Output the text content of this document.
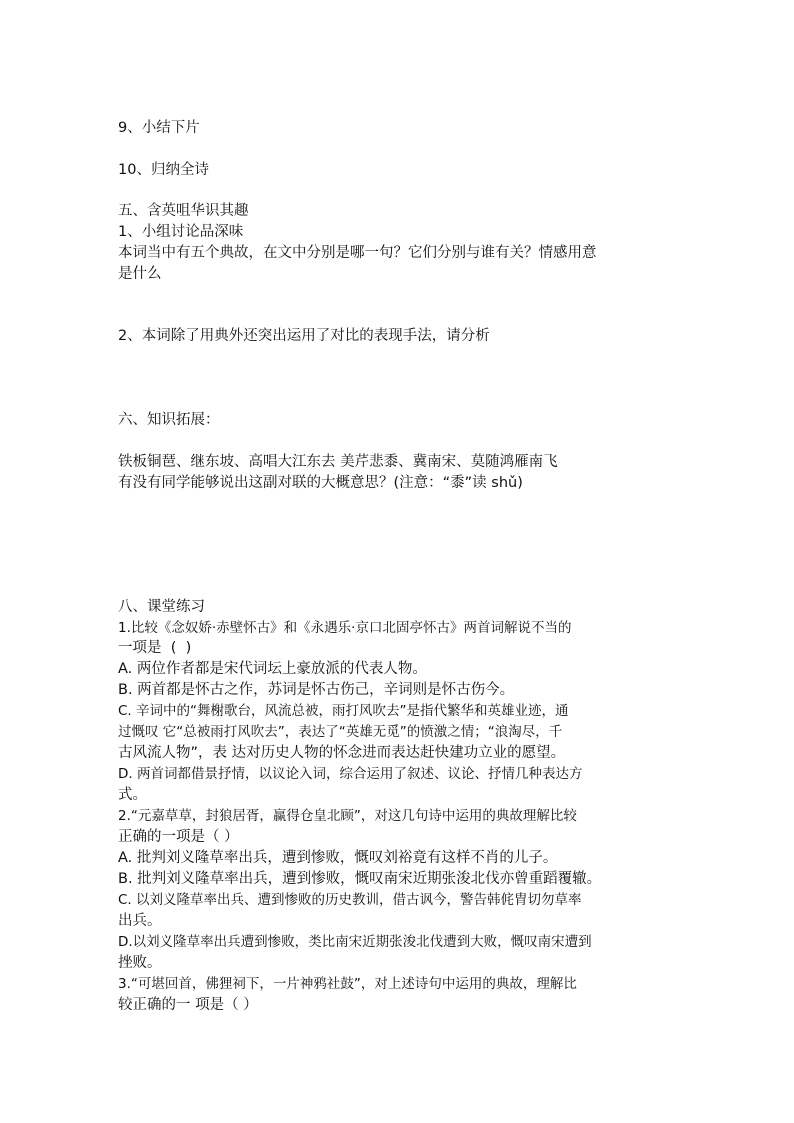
9、小结下片

10、归纳全诗

五、含英咀华识其趣

1、小组讨论品深味

本词当中有五个典故，在文中分别是哪一句？它们分别与谁有关？情感用意

是什么

2、本词除了用典外还突出运用了对比的表现手法，请分析

六、知识拓展：

铁板铜琶、继东坡、高唱大江东去 美芹悲黍、冀南宋、莫随鸿雁南飞

有没有同学能够说出这副对联的大概意思？(注意：“黍”读 shǔ)

八、课堂练习

1.比较《念奴娇·赤壁怀古》和《永遇乐·京口北固亭怀古》两首词解说不当的

一项是  (  )

A. 两位作者都是宋代词坛上豪放派的代表人物。

B. 两首都是怀古之作，苏词是怀古伤己，辛词则是怀古伤今。

C. 辛词中的“舞榭歌台，风流总被，雨打风吹去”是指代繁华和英雄业迹，通

过慨叹 它“总被雨打风吹去”，表达了“英雄无觅”的愤激之情；“浪淘尽，千

古风流人物”，表 达对历史人物的怀念进而表达赶快建功立业的愿望。

D. 两首词都借景抒情，以议论入词，综合运用了叙述、议论、抒情几种表达方

式。

2.“元嘉草草，封狼居胥，赢得仓皇北顾”，对这几句诗中运用的典故理解比较

正确的一项是（ ）

A. 批判刘义隆草率出兵，遭到惨败，慨叹刘裕竟有这样不肖的儿子。

B. 批判刘义隆草率出兵，遭到惨败，慨叹南宋近期张浚北伐亦曾重蹈覆辙。

C. 以刘义隆草率出兵、遭到惨败的历史教训，借古讽今，警告韩侂胄切勿草率

出兵。

D.以刘义隆草率出兵遭到惨败，类比南宋近期张浚北伐遭到大败，慨叹南宋遭到

挫败。

3.“可堪回首，佛狸祠下，一片神鸦社鼓”，对上述诗句中运用的典故，理解比

较正确的一 项是（ ）
